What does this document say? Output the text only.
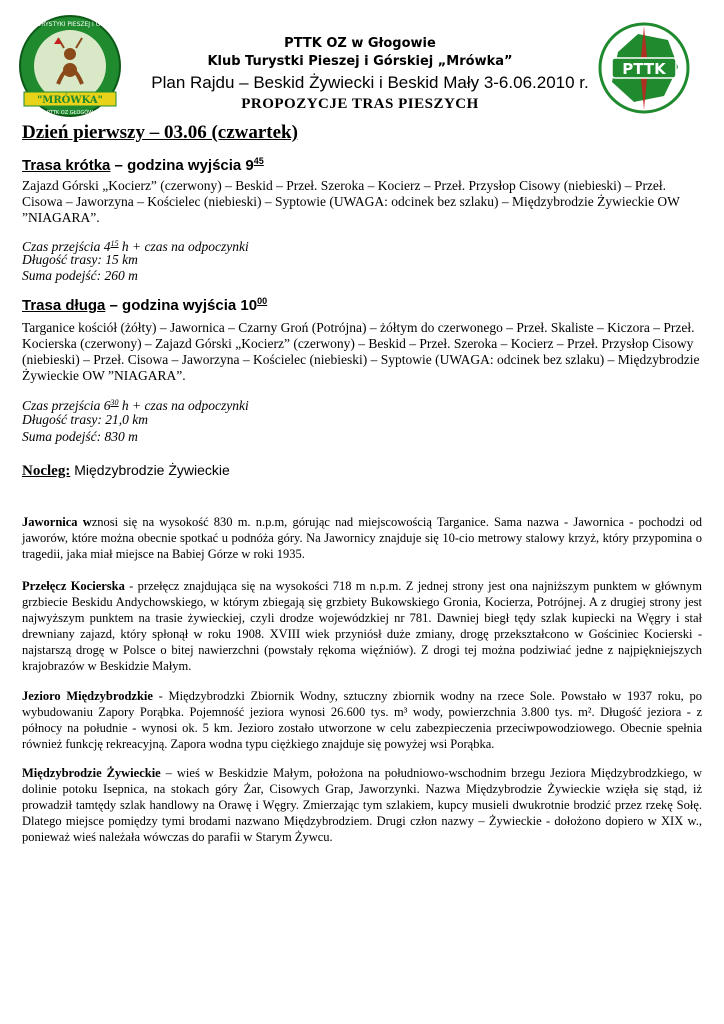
KLUB TURYSTYKI PIESZEJ I GÓRSKIEJ
"MRÓWKA"
PTTK OZ GŁOGÓW
PTTK
PTTK OZ w Głogowie
Klub Turystki Pieszej i Górskiej „Mrówka”
Plan Rajdu – Beskid Żywiecki i Beskid Mały 3-6.06.2010 r.
PROPOZYCJE TRAS PIESZYCH
Dzień pierwszy – 03.06 (czwartek)
Trasa krótka – godzina wyjścia $9^{45}$
Zajazd Górski „Kocierz” (czerwony) – Beskid – Przeł. Szeroka – Kocierz – Przeł. Przysłop Cisowy (niebieski) – Przeł. Cisowa – Jaworzyna – Kościelec (niebieski) – Syptowie (UWAGA: odcinek bez szlaku) – Międzybrodzie Żywieckie OW ”NIAGARA”.
Czas przejścia $4^{15}$ h + czas na odpoczynki
Długość trasy: 15 km
Suma podejść: 260 m
Trasa długa – godzina wyjścia $10^{00}$
Targanice kościół (żółty) – Jawornica – Czarny Groń (Potrójna) – żółtym do czerwonego – Przeł. Skaliste – Kiczora – Przeł. Kocierska (czerwony) – Zajazd Górski „Kocierz” (czerwony) – Beskid – Przeł. Szeroka – Kocierz – Przeł. Przysłop Cisowy (niebieski) – Przeł. Cisowa – Jaworzyna – Kościelec (niebieski) – Syptowie (UWAGA: odcinek bez szlaku) – Międzybrodzie Żywieckie OW ”NIAGARA”.
Czas przejścia $6^{30}$ h + czas na odpoczynki
Długość trasy: 21,0 km
Suma podejść: 830 m
Nocleg: Międzybrodzie Żywieckie
Jawornica wznosi się na wysokość 830 m. n.p.m, górując nad miejscowością Targanice. Sama nazwa - Jawornica - pochodzi od jaworów, które można obecnie spotkać u podnóża góry. Na Jawornicy znajduje się 10-cio metrowy stalowy krzyż, który przypomina o tragedii, jaka miał miejsce na Babiej Górze w roki 1935.
Przełęcz Kocierska - przełęcz znajdująca się na wysokości 718 m n.p.m. Z jednej strony jest ona najniższym punktem w głównym grzbiecie Beskidu Andychowskiego, w którym zbiegają się grzbiety Bukowskiego Gronia, Kocierza, Potrójnej. A z drugiej strony jest najwyższym punktem na trasie żywieckiej, czyli drodze wojewódzkiej nr 781. Dawniej biegł tędy szlak kupiecki na Węgry i stał drewniany zajazd, który spłonął w roku 1908. XVIII wiek przyniósł duże zmiany, drogę przekształcono w Gościniec Kocierski - najstarszą drogę w Polsce o bitej nawierzchni (powstały rękoma więźniów). Z drogi tej można podziwiać jedne z najpiękniejszych krajobrazów w Beskidzie Małym.
Jezioro Międzybrodzkie - Międzybrodzki Zbiornik Wodny, sztuczny zbiornik wodny na rzece Sole. Powstało w 1937 roku, po wybudowaniu Zapory Porąbka. Pojemność jeziora wynosi 26.600 tys. m³ wody, powierzchnia 3.800 tys. m². Długość jeziora - z północy na południe - wynosi ok. 5 km. Jezioro zostało utworzone w celu zabezpieczenia przeciwpowodziowego. Obecnie spełnia również funkcję rekreacyjną. Zapora wodna typu ciężkiego znajduje się powyżej wsi Porąbka.
Międzybrodzie Żywieckie – wieś w Beskidzie Małym, położona na południowo-wschodnim brzegu Jeziora Międzybrodzkiego, w dolinie potoku Isepnica, na stokach góry Żar, Cisowych Grap, Jaworzynki. Nazwa Międzybrodzie Żywieckie wzięła się stąd, iż prowadził tamtędy szlak handlowy na Orawę i Węgry. Zmierzając tym szlakiem, kupcy musieli dwukrotnie brodzić przez rzekę Sołę. Dlatego miejsce pomiędzy tymi brodami nazwano Międzybrodziem. Drugi człon nazwy – Żywieckie - dołożono dopiero w XIX w., ponieważ wieś należała wówczas do parafii w Starym Żywcu.
